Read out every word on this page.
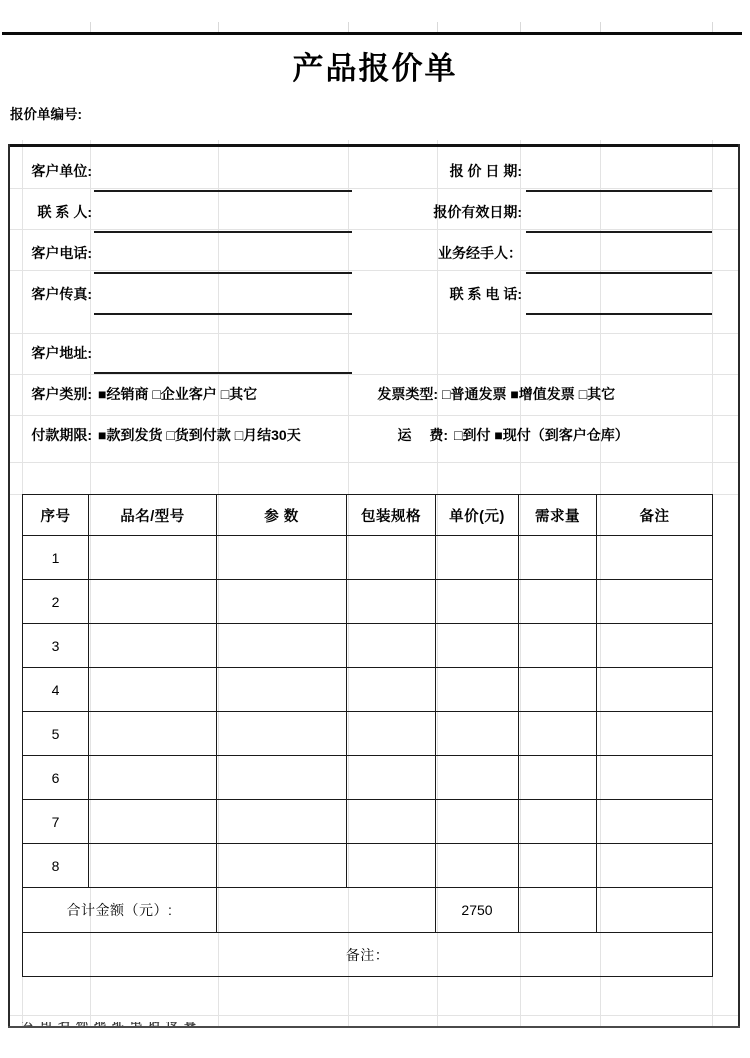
产品报价单
报价单编号:
客户单位:	报 价 日 期:
联 系 人:	报价有效日期:
客户电话:	业务经手人：
客户传真:	联 系 电 话:
客户地址:
客户类别: ■经销商 □企业客户 □其它	发票类型: □普通发票 ■增值发票 □其它
付款期限: ■款到发货 □货到付款 □月结30天	运　 费: □到付 ■现付（到客户仓库）
序号	品名/型号	参 数	包装规格	单价(元)	需求量	备注
1						
2						
3						
4						
5						
6						
7						
8						
合计金额（元）:				2750		
备注：						
